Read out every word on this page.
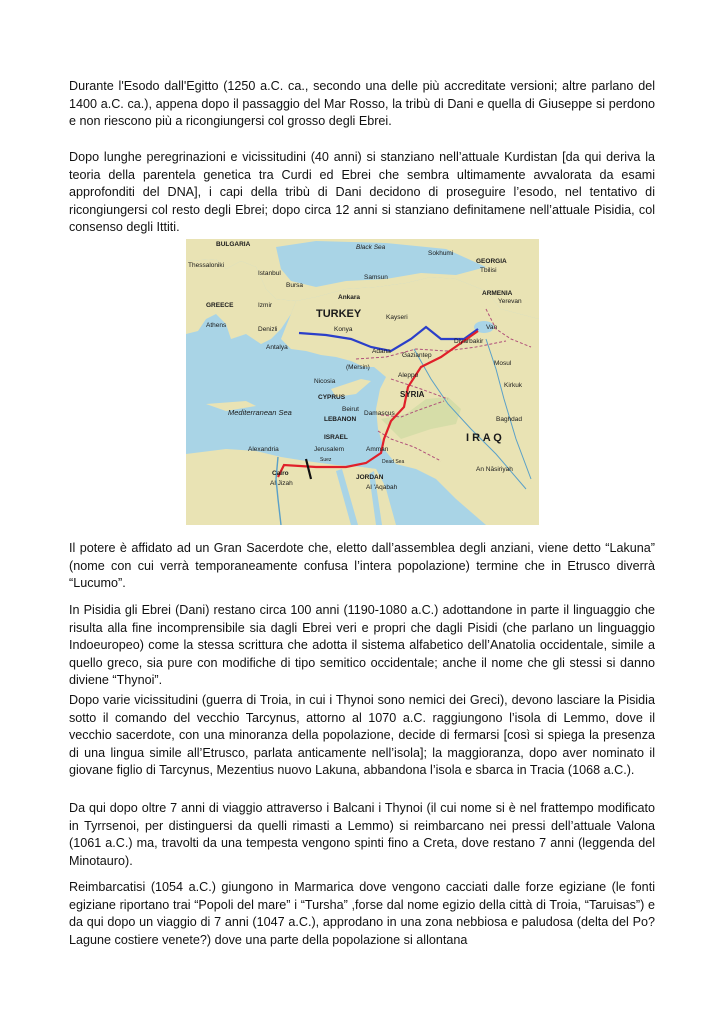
Durante l'Esodo dall'Egitto (1250 a.C. ca., secondo una delle più accreditate versioni; altre parlano del 1400 a.C. ca.), appena dopo il passaggio del Mar Rosso, la tribù di Dani e quella di Giuseppe si perdono e non riescono più a ricongiungersi col grosso degli Ebrei.

Dopo lunghe peregrinazioni e vicissitudini (40 anni) si stanziano nell’attuale Kurdistan [da qui deriva la teoria della parentela genetica tra Curdi ed Ebrei che sembra ultimamente avvalorata da esami approfonditi del DNA], i capi della tribù di Dani decidono di proseguire l’esodo, nel tentativo di ricongiungersi col resto degli Ebrei; dopo circa 12 anni si stanziano definitamene nell’attuale Pisidia, col consenso degli Ittiti.

BULGARIA	Black Sea
Sokhumi
GEORGIA
Tbilisi
ARMENIA
Yerevan
Thessaloniki
Istanbul
Samsun
Bursa
Ankara
Izmir
GREECE
TURKEY
Athens
Kayseri
Konya
Denizli
Antalya
Adana
Gaziantep
Diyarbakir
Van
(Mersin)
Nicosia
CYPRUS
Aleppo
SYRIA
Mosul
Kirkuk
Mediterranean Sea	Beirut
LEBANON
Damascus
Baghdad
I R A Q
ISRAEL
Jerusalem	Amman
Alexandria
Cairo
Al Jizah
JORDAN
Al 'Aqabah
An Nāsiriyah
Dead Sea
Suez

Il potere è affidato ad un Gran Sacerdote che, eletto dall’assemblea degli anziani, viene detto “Lakuna” (nome con cui verrà temporaneamente confusa l’intera popolazione) termine che in Etrusco diverrà “Lucumo”.

In Pisidia gli Ebrei (Dani) restano circa 100 anni (1190-1080 a.C.) adottandone in parte il linguaggio che risulta alla fine incomprensibile sia dagli Ebrei veri e propri che dagli Pisidi (che parlano un linguaggio Indoeuropeo) come la stessa scrittura che adotta il sistema alfabetico dell’Anatolia occidentale, simile a quello greco, sia pure con modifiche di tipo semitico occidentale; anche il nome che gli stessi si danno diviene “Thynoi”.

Dopo varie vicissitudini (guerra di Troia, in cui i Thynoi sono nemici dei Greci), devono lasciare la Pisidia sotto il comando del vecchio Tarcynus, attorno al 1070 a.C. raggiungono l’isola di Lemmo, dove il vecchio sacerdote, con una minoranza della popolazione, decide di fermarsi [così si spiega la presenza di una lingua simile all’Etrusco, parlata anticamente nell’isola]; la maggioranza, dopo aver nominato il giovane figlio di Tarcynus, Mezentius nuovo Lakuna, abbandona l’isola e sbarca in Tracia (1068 a.C.).

Da qui dopo oltre 7 anni di viaggio attraverso i Balcani i Thynoi (il cui nome si è nel frattempo modificato in Tyrrsenoi, per distinguersi da quelli rimasti a Lemmo) si reimbarcano nei pressi dell’attuale Valona (1061 a.C.) ma, travolti da una tempesta vengono spinti fino a Creta, dove restano 7 anni (leggenda del Minotauro).

Reimbarcatisi (1054 a.C.) giungono in Marmarica dove vengono cacciati dalle forze egiziane (le fonti egiziane riportano trai “Popoli del mare” i “Tursha” ,forse dal nome egizio della città di Troia, “Taruisas”) e da qui dopo un viaggio di 7 anni (1047 a.C.), approdano in una zona nebbiosa e paludosa (delta del Po? Lagune costiere venete?) dove una parte della popolazione si allontana
